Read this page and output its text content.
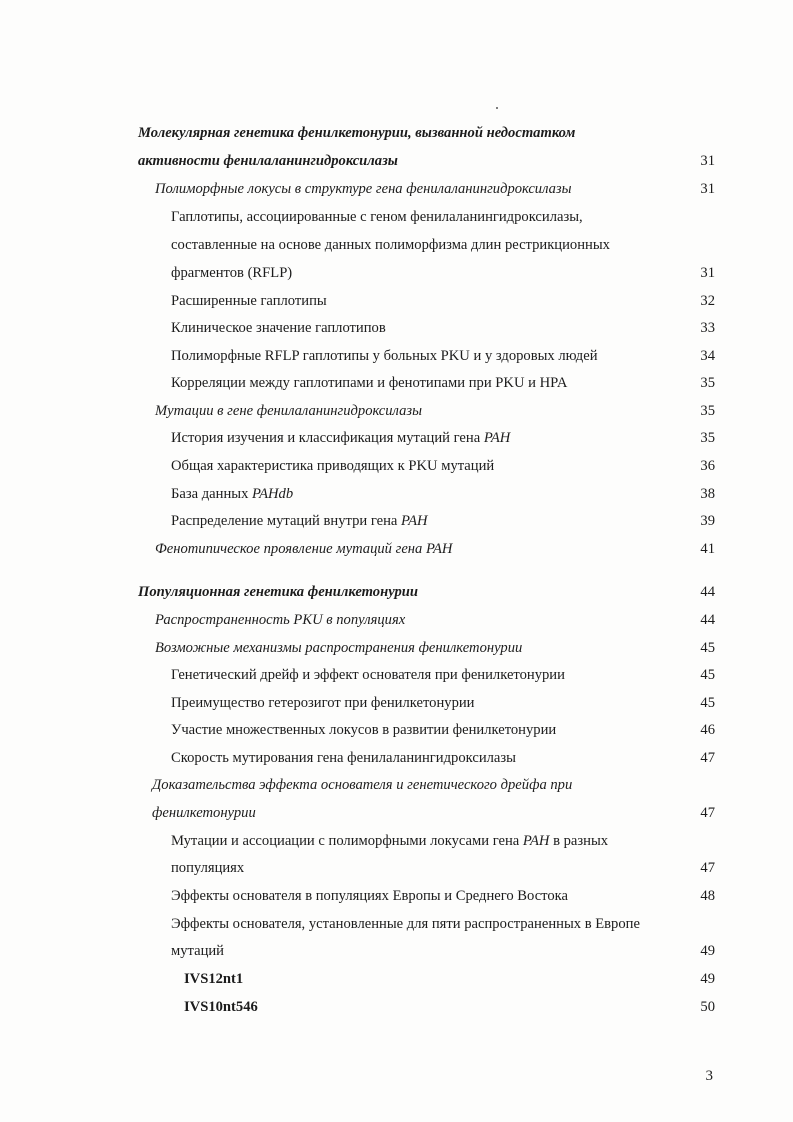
Молекулярная генетика фенилкетонурии, вызванной недостатком
активности фенилаланингидроксилазы	31
Полиморфные локусы в структуре гена фенилаланингидроксилазы	31
Гаплотипы, ассоциированные с геном фенилаланингидроксилазы,
составленные на основе данных полиморфизма длин рестрикционных
фрагментов (RFLP)	31
Расширенные гаплотипы	32
Клиническое значение гаплотипов	33
Полиморфные RFLP гаплотипы у больных PKU и у здоровых людей	34
Корреляции между гаплотипами и фенотипами при PKU и HPA	35
Мутации в гене фенилаланингидроксилазы	35
История изучения и классификация мутаций гена PAH	35
Общая характеристика приводящих к PKU мутаций	36
База данных PAHdb	38
Распределение мутаций внутри гена PAH	39
Фенотипическое проявление мутаций гена PAH	41
Популяционная генетика фенилкетонурии	44
Распространенность PKU в популяциях	44
Возможные механизмы распространения фенилкетонурии	45
Генетический дрейф и эффект основателя при фенилкетонурии	45
Преимущество гетерозигот при фенилкетонурии	45
Участие множественных локусов в развитии фенилкетонурии	46
Скорость мутирования гена фенилаланингидроксилазы	47
Доказательства эффекта основателя и генетического дрейфа при
фенилкетонурии	47
Мутации и ассоциации с полиморфными локусами гена PAH в разных
популяциях	47
Эффекты основателя в популяциях Европы и Среднего Востока	48
Эффекты основателя, установленные для пяти распространенных в Европе
мутаций	49
IVS12nt1	49
IVS10nt546	50
3
